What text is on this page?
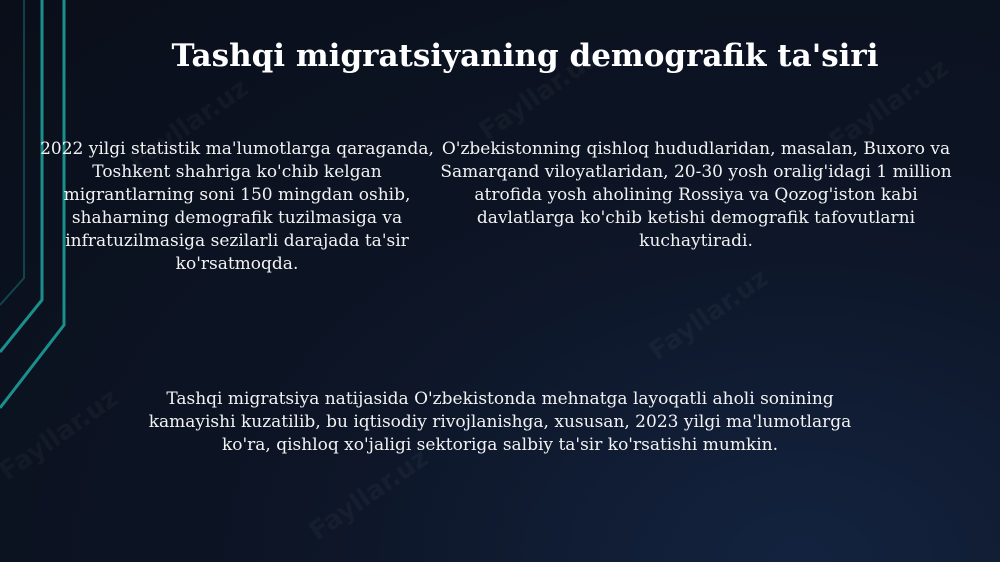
Tashqi migratsiyaning demografik ta'siri
2022 yilgi statistik ma'lumotlarga qaraganda, Toshkent shahriga ko'chib kelgan migrantlarning soni 150 mingdan oshib, shaharning demografik tuzilmasiga va infratuzilmasiga sezilarli darajada ta'sir ko'rsatmoqda.
O'zbekistonning qishloq hududlaridan, masalan, Buxoro va Samarqand viloyatlaridan, 20-30 yosh oralig'idagi 1 million atrofida yosh aholining Rossiya va Qozog'iston kabi davlatlarga ko'chib ketishi demografik tafovutlarni kuchaytiradi.
Tashqi migratsiya natijasida O'zbekistonda mehnatga layoqatli aholi sonining kamayishi kuzatilib, bu iqtisodiy rivojlanishga, xususan, 2023 yilgi ma'lumotlarga ko'ra, qishloq xo'jaligi sektoriga salbiy ta'sir ko'rsatishi mumkin.
